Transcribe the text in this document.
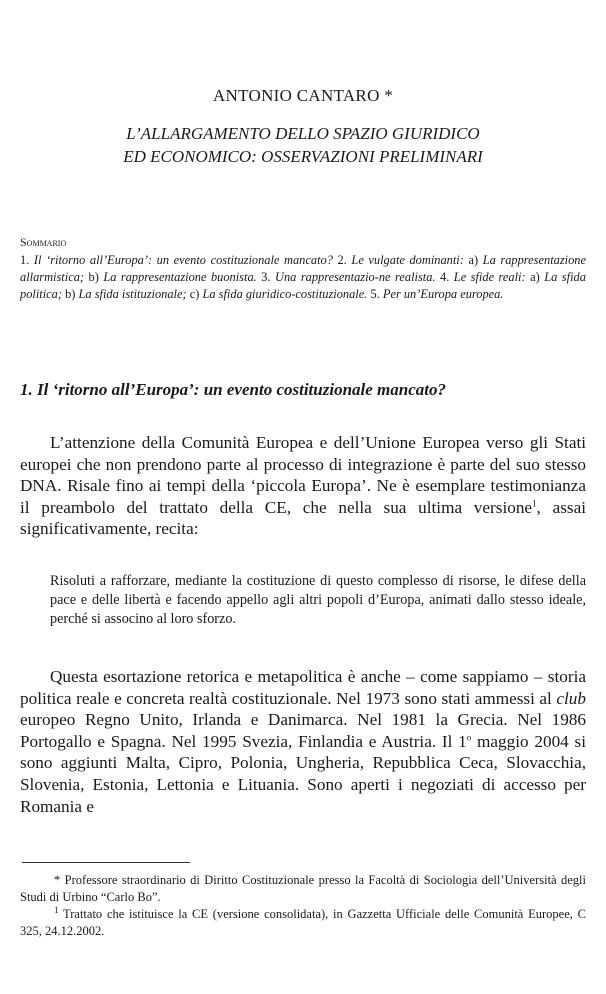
ANTONIO CANTARO *
L’ALLARGAMENTO DELLO SPAZIO GIURIDICO
ED ECONOMICO: OSSERVAZIONI PRELIMINARI
Sommario
1. Il ‘ritorno all’Europa’: un evento costituzionale mancato? 2. Le vulgate dominanti: a) La rappresentazione allarmistica; b) La rappresentazione buonista. 3. Una rappresentazio-ne realista. 4. Le sfide reali: a) La sfida politica; b) La sfida istituzionale; c) La sfida giuridico-costituzionale. 5. Per un’Europa europea.
1. Il ‘ritorno all’Europa’: un evento costituzionale mancato?
L’attenzione della Comunità Europea e dell’Unione Europea verso gli Stati europei che non prendono parte al processo di integrazione è parte del suo stesso DNA. Risale fino ai tempi della ‘piccola Europa’. Ne è esemplare testimonianza il preambolo del trattato della CE, che nella sua ultima versione$^1$, assai significativamente, recita:
Risoluti a rafforzare, mediante la costituzione di questo complesso di risorse, le difese della pace e delle libertà e facendo appello agli altri popoli d’Europa, animati dallo stesso ideale, perché si associno al loro sforzo.
Questa esortazione retorica e metapolitica è anche – come sappiamo – storia politica reale e concreta realtà costituzionale. Nel 1973 sono stati ammessi al club europeo Regno Unito, Irlanda e Danimarca. Nel 1981 la Grecia. Nel 1986 Portogallo e Spagna. Nel 1995 Svezia, Finlandia e Austria. Il 1$^o$ maggio 2004 si sono aggiunti Malta, Cipro, Polonia, Ungheria, Repubblica Ceca, Slovacchia, Slovenia, Estonia, Lettonia e Lituania. Sono aperti i negoziati di accesso per Romania e
* Professore straordinario di Diritto Costituzionale presso la Facoltà di Sociologia dell’Università degli Studi di Urbino “Carlo Bo”.
$^1$ Trattato che istituisce la CE (versione consolidata), in Gazzetta Ufficiale delle Comunità Europee, C 325, 24.12.2002.
